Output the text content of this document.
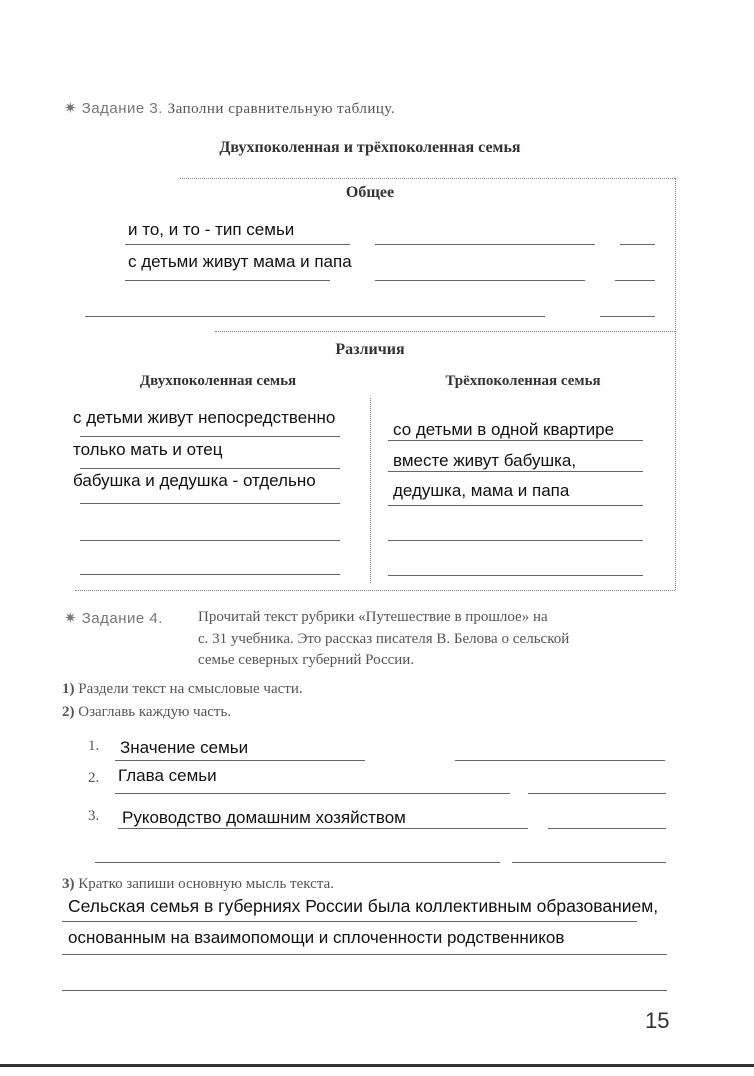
✷ Задание 3. Заполни сравнительную таблицу.
Двухпоколенная и трёхпоколенная семья
Общее
и то, и то - тип семьи
с детьми живут мама и папа
Различия
Двухпоколенная семья	Трёхпоколенная семья
с детьми живут непосредственно
только мать и отец
бабушка и дедушка - отдельно
со детьми в одной квартире
вместе живут бабушка,
дедушка, мама и папа
✷ Задание 4. Прочитай текст рубрики «Путешествие в прошлое» на
с. 31 учебника. Это рассказ писателя В. Белова о сельской
семье северных губерний России.
1) Раздели текст на смысловые части.
2) Озаглавь каждую часть.
1. Значение семьи
2. Глава семьи
3. Руководство домашним хозяйством
3) Кратко запиши основную мысль текста.
Сельская семья в губерниях России была коллективным образованием,
основанным на взаимопомощи и сплоченности родственников
15
